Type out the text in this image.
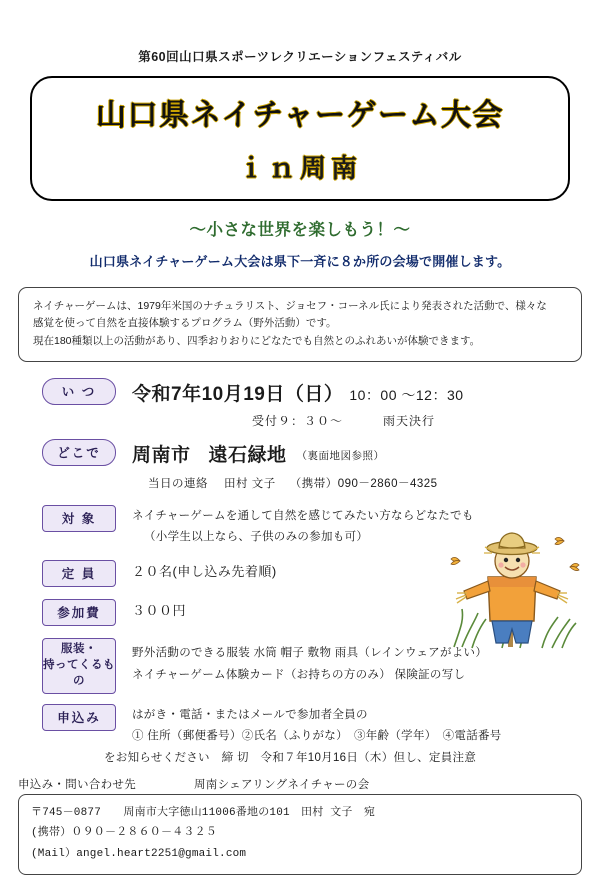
第60回山口県スポーツレクリエーションフェスティバル
山口県ネイチャーゲーム大会
ｉｎ周南
〜小さな世界を楽しもう！〜
山口県ネイチャーゲーム大会は県下一斉に８か所の会場で開催します。
ネイチャーゲームは、1979年米国のナチュラリスト、ジョセフ・コーネル氏により発表された活動で、様々な
感覚を使って自然を直接体験するプログラム（野外活動）です。
現在180種類以上の活動があり、四季おりおりにどなたでも自然とのふれあいが体験できます。
い つ	令和7年10月19日（日） 10：00 ～12：30
受付９：３０～	雨天決行
どこで	周南市 遠石緑地 （裏面地図参照）
当日の連絡 田村 文子 （携帯）090－2860－4325
対 象	ネイチャーゲームを通して自然を感じてみたい方ならどなたでも
（小学生以上なら、子供のみの参加も可）
定 員	２０名(申し込み先着順)
参加費	３００円
服装・
持ってくるもの
野外活動のできる服装 水筒 帽子 敷物 雨具（レインウェアがよい）
ネイチャーゲーム体験カード（お持ちの方のみ） 保険証の写し
申込み	はがき・電話・またはメールで参加者全員の
① 住所（郵便番号）②氏名（ふりがな）　③年齢（学年）　④電話番号
をお知らせください　締 切　令和７年10月16日（木）但し、定員注意
申込み・問い合わせ先	周南シェアリングネイチャーの会
〒745－0877　　周南市大字徳山11006番地の101　田村 文子　宛
(携帯）０９０－２８６０－４３２５
(Mail）angel.heart2251@gmail.com
